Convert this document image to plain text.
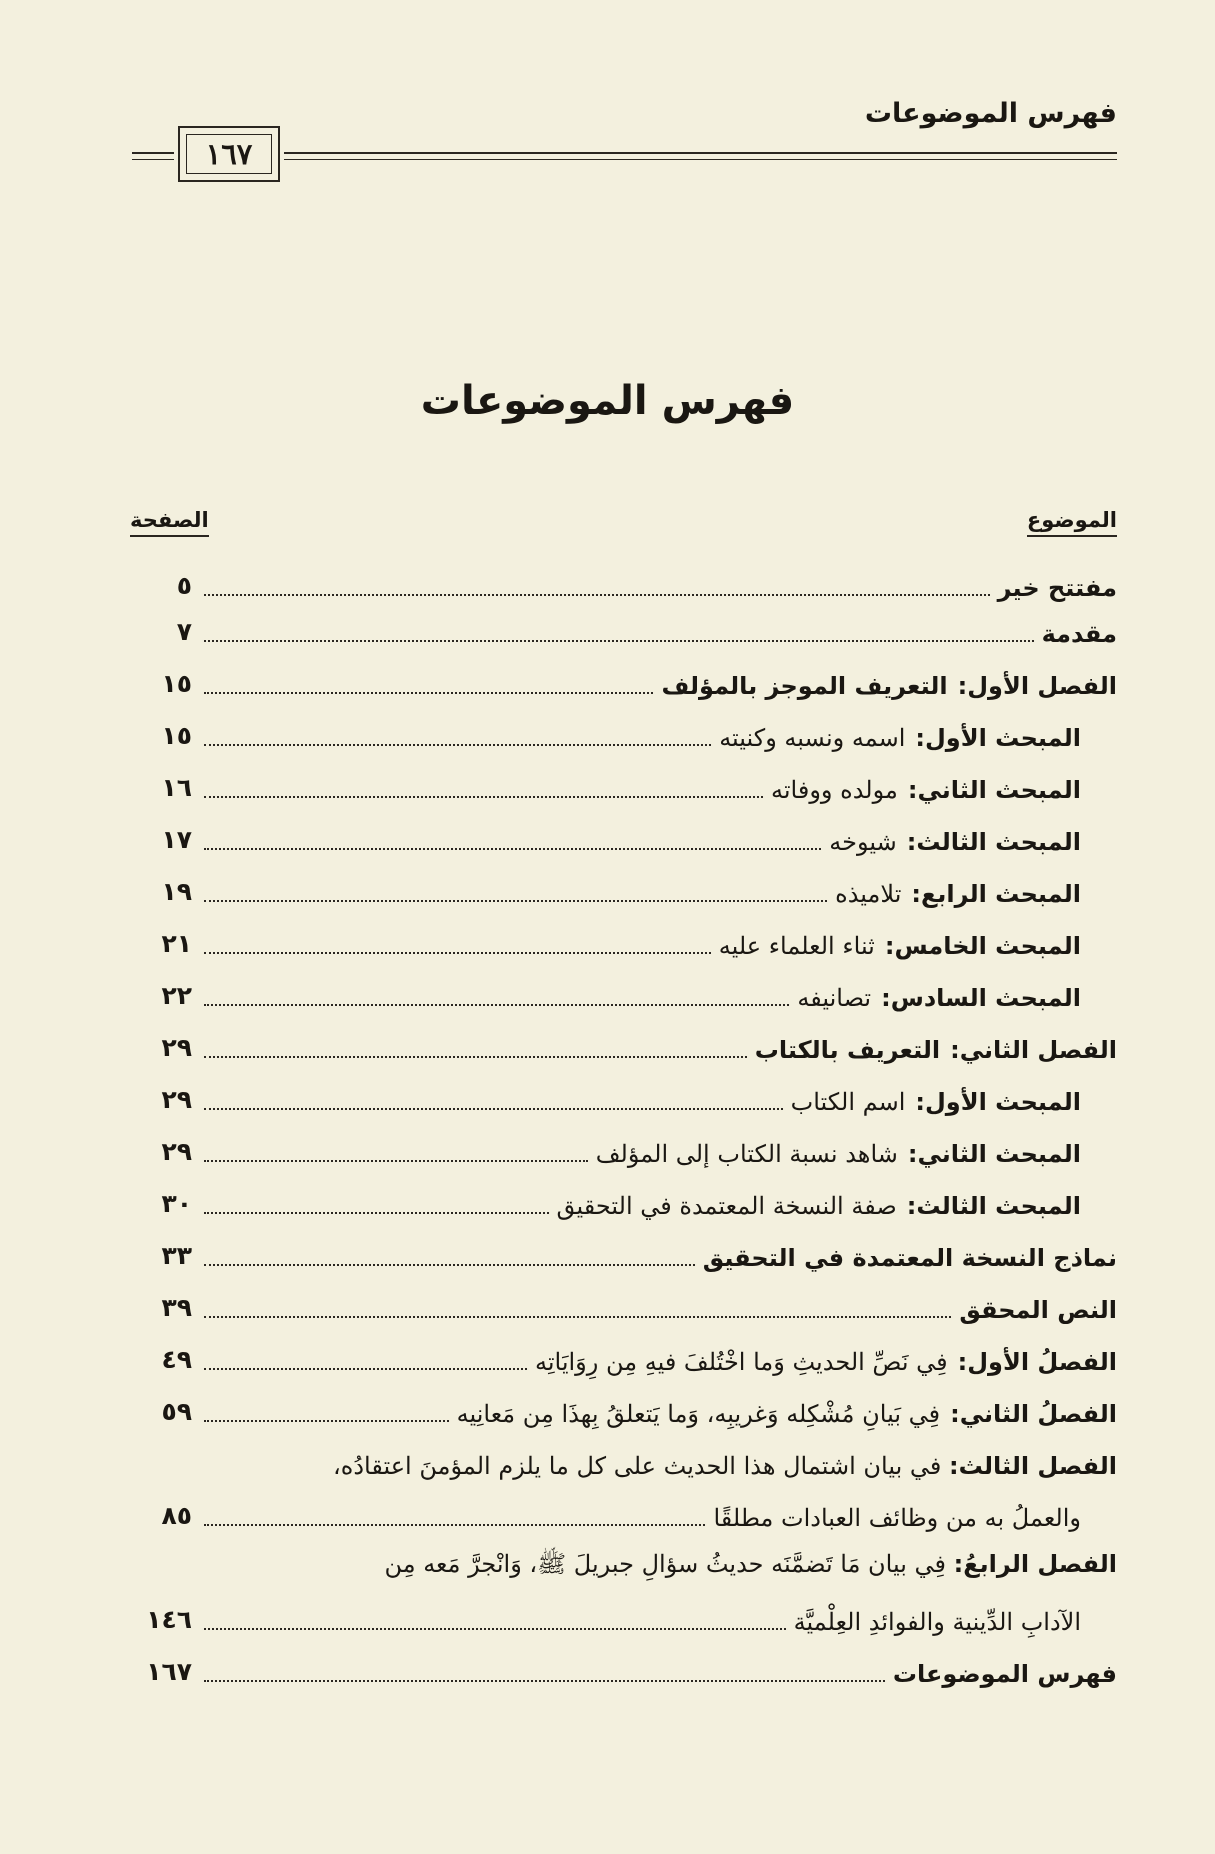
فهرس الموضوعات
١٦٧
فهرس الموضوعات
الموضوع
الصفحة
مفتتح خير
٥
مقدمة
٧
الفصل الأول:
التعريف الموجز بالمؤلف
١٥
المبحث الأول:
اسمه ونسبه وكنيته
١٥
المبحث الثاني:
مولده ووفاته
١٦
المبحث الثالث:
شيوخه
١٧
المبحث الرابع:
تلاميذه
١٩
المبحث الخامس:
ثناء العلماء عليه
٢١
المبحث السادس:
تصانيفه
٢٢
الفصل الثاني:
التعريف بالكتاب
٢٩
المبحث الأول:
اسم الكتاب
٢٩
المبحث الثاني:
شاهد نسبة الكتاب إلى المؤلف
٢٩
المبحث الثالث:
صفة النسخة المعتمدة في التحقيق
٣٠
نماذج النسخة المعتمدة في التحقيق
٣٣
النص المحقق
٣٩
الفصلُ الأول:
فِي نَصِّ الحديثِ وَما اخْتُلفَ فيهِ مِن رِوَايَاتِه
٤٩
الفصلُ الثاني:
فِي بَيانِ مُشْكِله وَغريبِه، وَما يَتعلقُ بِهذَا مِن مَعانِيه
٥٩
الفصل الثالث: في بيان اشتمال هذا الحديث على كل ما يلزم المؤمنَ اعتقادُه،
والعملُ به من وظائف العبادات مطلقًا
٨٥
الفصل الرابعُ: فِي بيان مَا تَضمَّنَه حديثُ سؤالِ جبريلَ ﷺ، وَانْجرَّ مَعه مِن
الآدابِ الدِّينية والفوائدِ العِلْميَّة
١٤٦
فهرس الموضوعات
١٦٧
